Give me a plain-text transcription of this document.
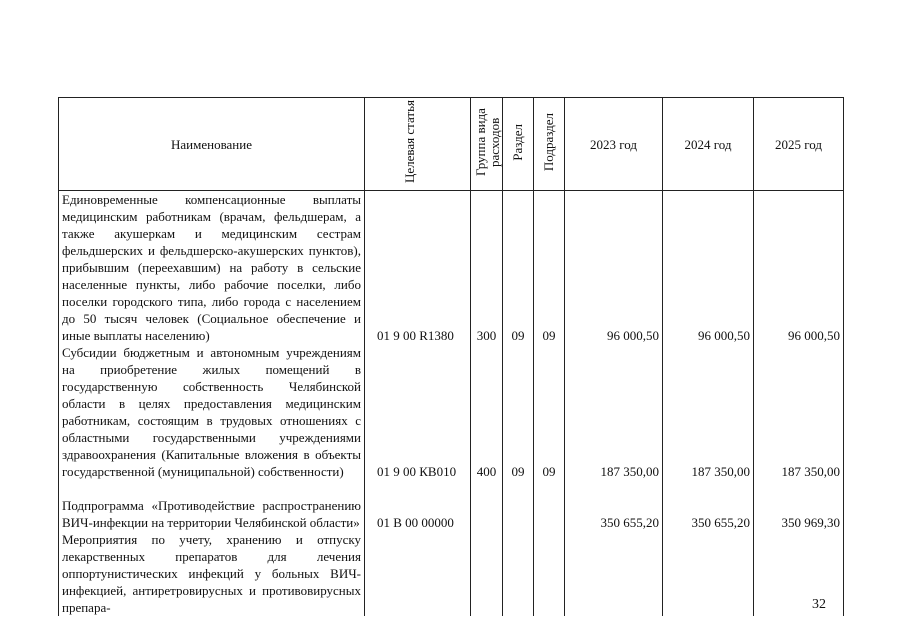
Наименование	Целевая статья	Группа вида расходов	Раздел	Подраздел	2023 год	2024 год	2025 год
Единовременные компенсационные выплаты медицинским работникам (врачам, фельдшерам, а также акушеркам и медицинским сестрам фельдшерских и фельдшерско-акушерских пунктов), прибывшим (переехавшим) на работу в сельские населенные пункты, либо рабочие поселки, либо поселки городского типа, либо города с населением до 50 тысяч человек (Социальное обеспечение и иные выплаты населению)	01 9 00 R1380	300	09	09	96 000,50	96 000,50	96 000,50
Субсидии бюджетным и автономным учреждениям на приобретение жилых помещений в государственную собственность Челябинской области в целях предоставления медицинским работникам, состоящим в трудовых отношениях с областными государственными учреждениями здравоохранения (Капитальные вложения в объекты государственной (муниципальной) собственности)	01 9 00 КВ010	400	09	09	187 350,00	187 350,00	187 350,00
Подпрограмма «Противодействие распространению ВИЧ-инфекции на территории Челябинской области»	01 В 00 00000				350 655,20	350 655,20	350 969,30
Мероприятия по учету, хранению и отпуску лекарственных препаратов для лечения оппортунистических инфекций у больных ВИЧ-инфекцией, антиретровирусных и противовирусных препара-								32
